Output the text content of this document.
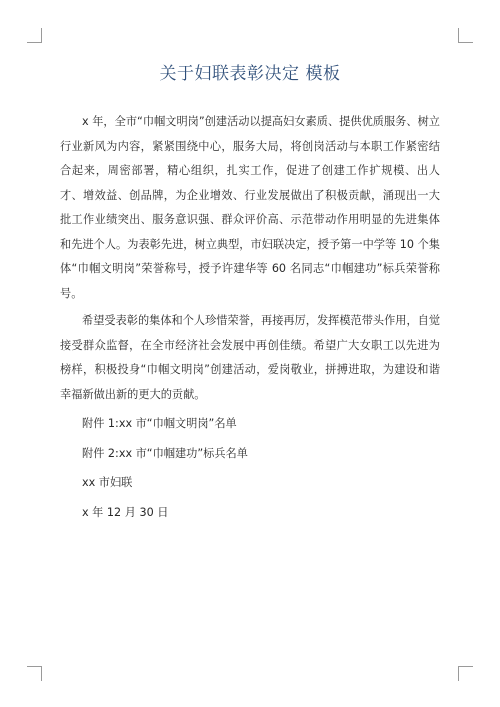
关于妇联表彰决定 模板

x 年，全市“巾帼文明岗”创建活动以提高妇女素质、提供优质服务、树立行业新风为内容，紧紧围绕中心，服务大局，将创岗活动与本职工作紧密结合起来，周密部署，精心组织，扎实工作，促进了创建工作扩规模、出人才、增效益、创品牌，为企业增效、行业发展做出了积极贡献，涌现出一大批工作业绩突出、服务意识强、群众评价高、示范带动作用明显的先进集体和先进个人。为表彰先进，树立典型，市妇联决定，授予第一中学等 10 个集体“巾帼文明岗”荣誉称号，授予许建华等 60 名同志“巾帼建功”标兵荣誉称号。

希望受表彰的集体和个人珍惜荣誉，再接再厉，发挥模范带头作用，自觉接受群众监督，在全市经济社会发展中再创佳绩。希望广大女职工以先进为榜样，积极投身“巾帼文明岗”创建活动，爱岗敬业，拼搏进取，为建设和谐幸福新做出新的更大的贡献。

附件 1:xx 市“巾帼文明岗”名单
附件 2:xx 市“巾帼建功”标兵名单
xx 市妇联
x 年 12 月 30 日
